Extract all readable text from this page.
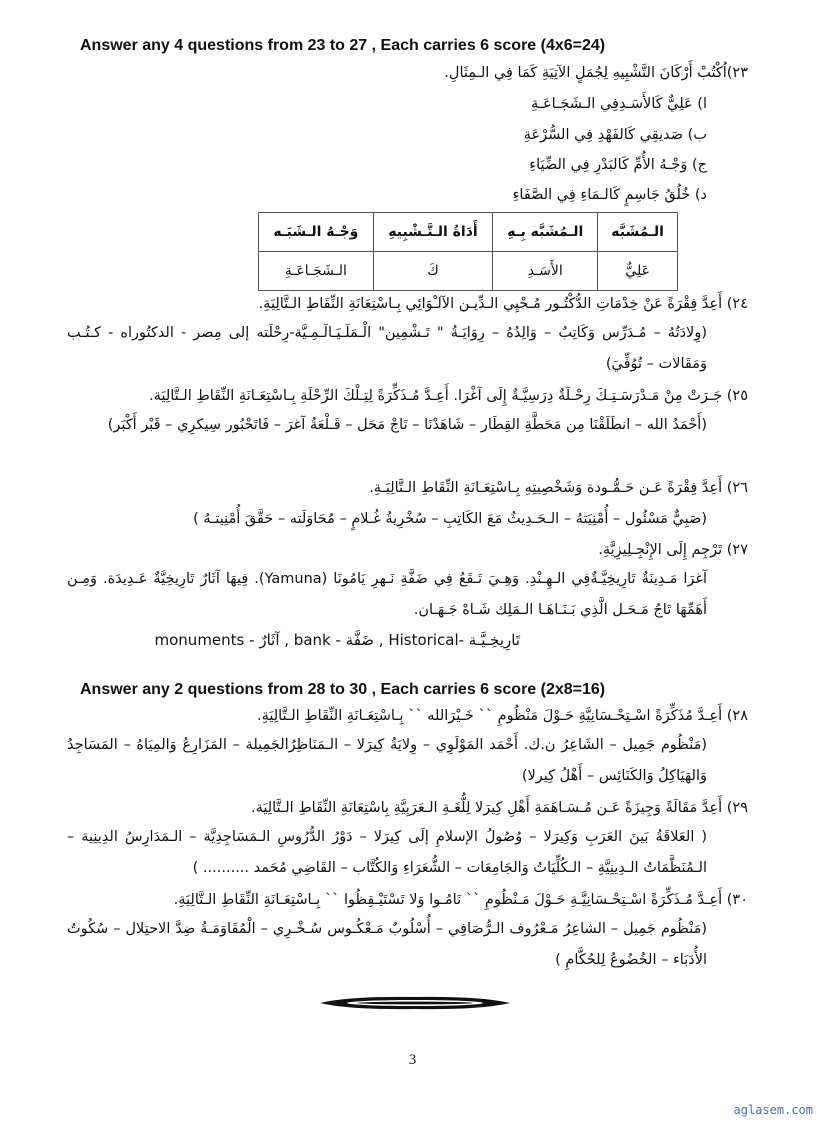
Answer any 4 questions from 23 to 27 , Each carries 6 score (4x6=24)
٢٣)اُكْتُبْ أَرْكَانَ التَّشْبِيهِ لِجُمَلٍ الآتِيَةِ كَمَا فِي الـمِثَالِ.
ا) عَلِيٌّ كَالأَسَـدِفِي الـشَجَـاعَـةِ
ب) صَديقِي كَالفَهْدِ فِي السُّرْعَةِ
ج) وَجْـهُ الأُمِّ كَالبَدْرِ فِي الضِّيَاءِ
د) خُلُقُ جَاسِمٍ كَالـمَاءِ فِي الصَّفَاءِ
الـمُشَبَّه	الـمُشَبَّه بِـهِ	أَدَاةُ الـتَّـشْبِيهِ	وَجْـهُ الـشَبَـه
عَلِيٌّ	الأَسَـدِ	كَ	الـشَجَـاعَـةِ
٢٤) أَعِدَّ فِقْرَةً عَنْ خِدْمَاتِ الدُّكْتُـور مُـحْيِي الـدِّيـن الآلـْوَائِي بِـاسْتِعَانَةِ النِّقَاطِ الـتَّالِيَةِ.
(وِلادَتُهُ – مُـدَرِّس وَكَاتِبٌ – وَالِدُهُ – رِوَايَـةُ " تَـشْمِين" الْـمَلَـيَـالَـمِـيَّة-رِحْلَته إلى مِصر - الدكتُوراه - كـتُـب وَمَقَالات – تُوُفِّيَ)
٢٥) جَـرَتْ مِنْ مَـدْرَسَـتِـكَ رِحْـلَةٌ دِرَسِيَّـةٌ إِلَى آغْرَا. أَعِـدَّ مُـذَكِّرَةً لِتِـلْكَ الرِّحْلَةِ بِـاسْتِعَـانَةِ النِّقَاطِ الـتَّالِيَة.
(أَحْمَدُ الله – انطَلَقْنَا مِن مَحَطَّةِ القِطَار – شَاهَدْنَا – تَاجْ مَحَل – قَـلْعَةُ آغرَ – فَاتَحْبُور سِيكرِي – قَبْر أَكْبَر)
٢٦) أَعِدَّ فِقْرَةً عَـن حَـمُّـودة وَشَخْصِيتِهِ بِـاسْتِعَـانَةِ النِّقَاطِ الـتَّالِيَـةِ.
(صَبِيٌّ مَسْئُول – أُمْنِيَتهُ – الـحَـدِيثُ مَعَ الكَاتِبِ – سُخْرِيةُ غُـلامٍ – مُحَاوَلَته – حَقَّقَ أُمْنِيتـهُ )
٢٧) تَرْجِم إِلَى الإِنْجِـلِيزِيَّةِ.
آغرَا مَـدِينَةٌ تَارِيخِيَّـةٌفِي الـهِـنْدِ. وَهِـيَ تَـقَعُ فِي ضَفَّةِ نَـهرِ يَامُونَا (Yamuna). فِيهَا آثَارٌ تَارِيخِيَّةٌ عَـدِيدَة. وَمِـن أَهَمِّهَا تَاجُ مَـحَـل الَّذِي بَـنَـاهَـا الـمَلِك شَـاهْ جَـهَـان.
تَارِيخِـيَّـة -Historical , ضَفَّة - bank , آثَارٌ - monuments
Answer any 2 questions from 28 to 30 , Each carries 6 score (2x8=16)
٢٨) أَعِـدَّ مُذَكِّرَةً اسْـتِحْـسَانِيَّةِ حَـوْلَ مَنْظُومِ `` خَـيْرَالله `` بِـاسْتِعَـانَةِ النِّقَاطِ الـتَّالِيَةِ.
(مَنْظُوم جَمِيل – الشَاعِرُ ن.ك. أَحْمَد المَوْلَوِي – وِلايَةُ كِيرَلا – الـمَنَاظِرُالجَمِيلة – المَزَارِعُ وَالمِيَاهُ – المَسَاجِدُ وَالهَيَاكِلُ وَالكَنَائِس – أَهْلُ كِيرلا)
٢٩) أَعِدَّ مَقَالَةً وَجِيزَةً عَـن مُـسَـاهَمَةِ أَهْلِ كِيرَلا لِلُّغَـةِ الـعَرَبِيَّةِ بِاسْتِعَانَةِ النِّقَاطِ الـتَّالِيَة.
( العَلاقَةُ بَينَ العَرَبِ وَكِيرَلا – وُصُولُ الإسلامِ إلَى كِيرَلا – دَوْرُ الدُّرُوسِ الـمَسَاجِدِيَّة – الـمَدَارِسُ الدِينِية – الـمُنَظَّمَاتُ الـدِينِيَّةِ – الـكُلِّيَاتُ وَالجَامِعَات – الشُّعَرَاءِ وَالكُتَّاب – القَاضِي مُحَمد .......... )
٣٠) أَعِـدَّ مُـذَكِّرَةً اسْـتِحْـسَانِيَّـةِ حَـوْلَ مَـنْظُومِ `` نَامُـوا وَلا تَسْتَيْـقِظُوا `` بِـاسْتِعَـانَةِ النِّقَاطِ الـتَّالِيَةِ.
(مَنْظُوم جَمِيل – الشاعِرُ مَـعْرُوف الـرُّصَافِي – أُسْلُوبٌ مَـعْكُـوس سُـخْـرِي – الْمُقَاوَمَـةُ ضِدَّ الاحتِلال – سُكُوتُ الأُدَبَاء – الخُضُوعُ لِلحُكَّامِ )
3
aglasem.com
